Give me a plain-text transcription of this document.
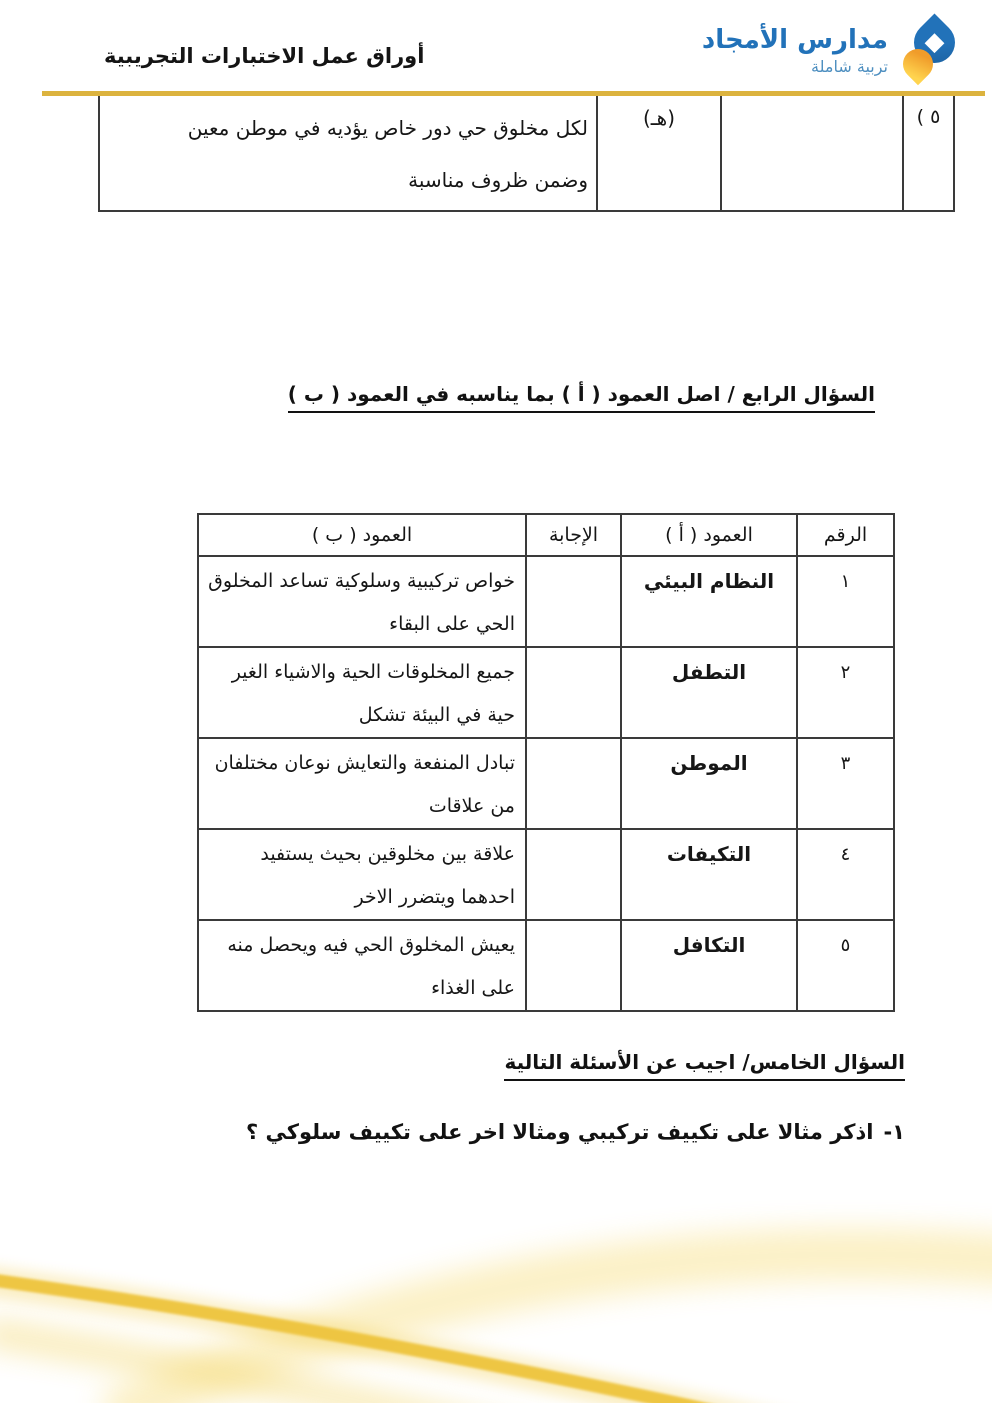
أوراق عمل الاختبارات التجريبية
مدارس الأمجاد
تربية شاملة
٥ )		(هـ)	
لكل مخلوق حي دور خاص يؤديه في موطن معين
وضمن ظروف مناسبة
السؤال الرابع / اصل العمود ( أ ) بما يناسبه في العمود ( ب )
الرقم	العمود ( أ )	الإجابة	العمود ( ب )
١	النظام البيئي		خواص تركيبية وسلوكية تساعد المخلوق الحي على البقاء
٢	التطفل		جميع المخلوقات الحية والاشياء الغير حية في البيئة تشكل
٣	الموطن		تبادل المنفعة والتعايش نوعان مختلفان من علاقات
٤	التكيفات		علاقة بين مخلوقين بحيث يستفيد احدهما ويتضرر الاخر
٥	التكافل		يعيش المخلوق الحي فيه ويحصل منه على الغذاء
السؤال الخامس/ اجيب عن الأسئلة التالية
١-اذكر مثالا على تكييف تركيبي ومثالا اخر على تكييف سلوكي ؟
